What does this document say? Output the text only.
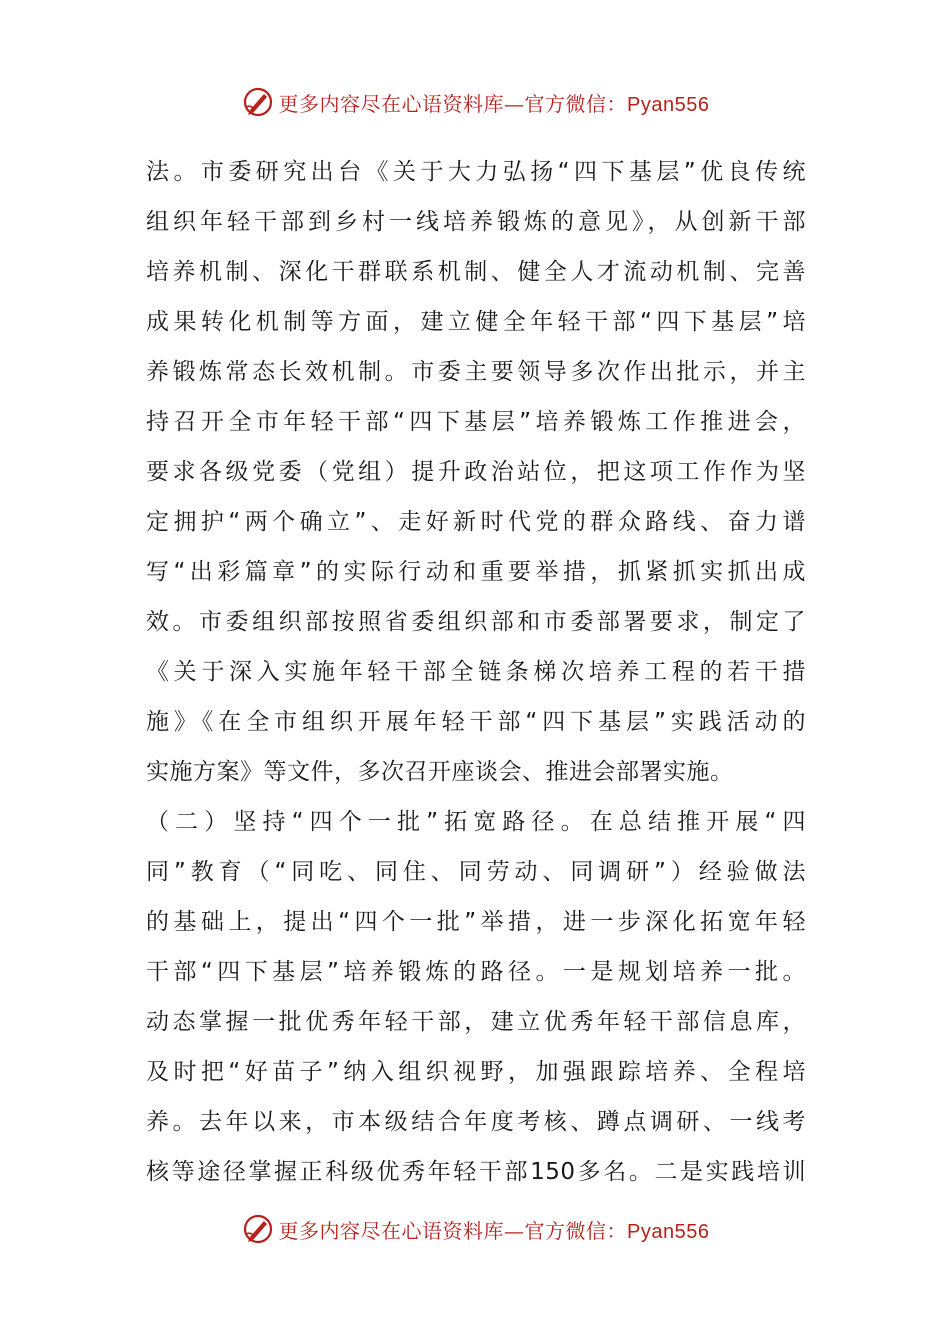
更多内容尽在心语资料库—官方微信：Pyan556
法。市委研究出台《关于大力弘扬“四下基层”优良传统
组织年轻干部到乡村一线培养锻炼的意见》，从创新干部
培养机制、深化干群联系机制、健全人才流动机制、完善
成果转化机制等方面，建立健全年轻干部“四下基层”培
养锻炼常态长效机制。市委主要领导多次作出批示，并主
持召开全市年轻干部“四下基层”培养锻炼工作推进会，
要求各级党委（党组）提升政治站位，把这项工作作为坚
定拥护“两个确立”、走好新时代党的群众路线、奋力谱
写“出彩篇章”的实际行动和重要举措，抓紧抓实抓出成
效。市委组织部按照省委组织部和市委部署要求，制定了
《关于深入实施年轻干部全链条梯次培养工程的若干措
施》《在全市组织开展年轻干部“四下基层”实践活动的
实施方案》等文件，多次召开座谈会、推进会部署实施。
（二）坚持“四个一批”拓宽路径。在总结推开展“四
同”教育（“同吃、同住、同劳动、同调研”）经验做法
的基础上，提出“四个一批”举措，进一步深化拓宽年轻
干部“四下基层”培养锻炼的路径。一是规划培养一批。
动态掌握一批优秀年轻干部，建立优秀年轻干部信息库，
及时把“好苗子”纳入组织视野，加强跟踪培养、全程培
养。去年以来，市本级结合年度考核、蹲点调研、一线考
核等途径掌握正科级优秀年轻干部150多名。二是实践培训
更多内容尽在心语资料库—官方微信：Pyan556
